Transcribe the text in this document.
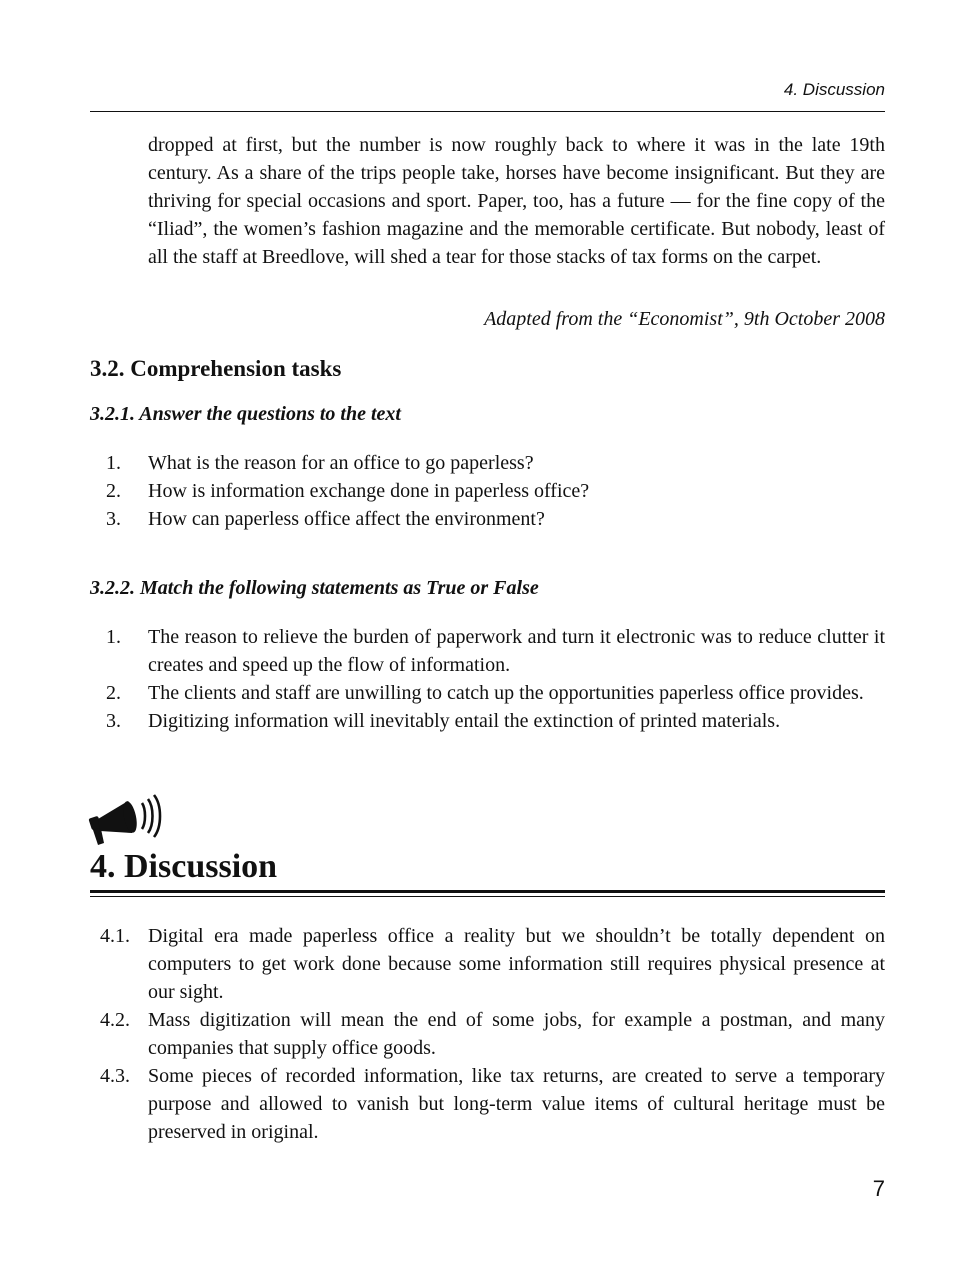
4. Discussion

dropped at first, but the number is now roughly back to where it was in the late 19th century. As a share of the trips people take, horses have become insignificant. But they are thriving for special occasions and sport. Paper, too, has a future — for the fine copy of the “Iliad”, the women’s fashion magazine and the memorable certificate. But nobody, least of all the staff at Breedlove, will shed a tear for those stacks of tax forms on the carpet.

Adapted from the “Economist”, 9th October 2008

3.2. Comprehension tasks
3.2.1. Answer the questions to the text
1.	What is the reason for an office to go paperless?
2.	How is information exchange done in paperless office?
3.	How can paperless office affect the environment?
3.2.2. Match the following statements as True or False
1.	The reason to relieve the burden of paperwork and turn it electronic was to reduce clutter it creates and speed up the flow of information.
2.	The clients and staff are unwilling to catch up the opportunities paperless office provides.
3.	Digitizing information will inevitably entail the extinction of printed materials.
4. Discussion
4.1. Digital era made paperless office a reality but we shouldn’t be totally dependent on computers to get work done because some information still requires physical presence at our sight.
4.2. Mass digitization will mean the end of some jobs, for example a postman, and many companies that supply office goods.
4.3. Some pieces of recorded information, like tax returns, are created to serve a temporary purpose and allowed to vanish but long-term value items of cultural heritage must be preserved in original.
7
